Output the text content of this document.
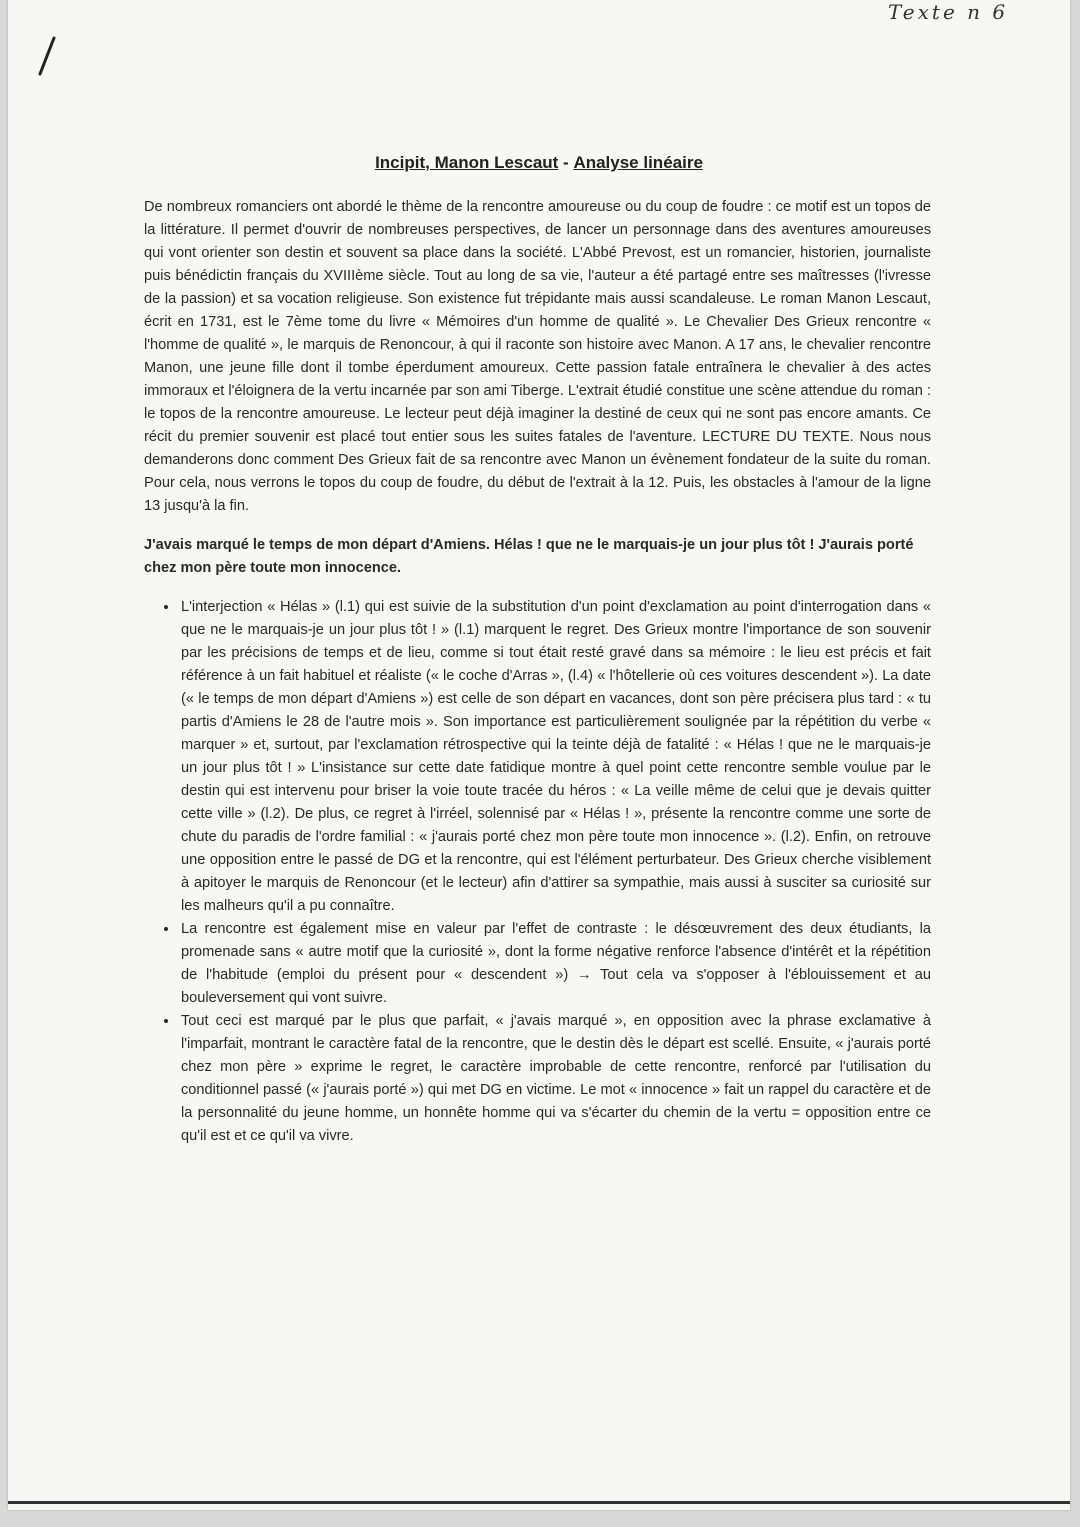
Texte n 6
Incipit, Manon Lescaut - Analyse linéaire

De nombreux romanciers ont abordé le thème de la rencontre amoureuse ou du coup de foudre : ce motif est un topos de la littérature. Il permet d'ouvrir de nombreuses perspectives, de lancer un personnage dans des aventures amoureuses qui vont orienter son destin et souvent sa place dans la société. L'Abbé Prevost, est un romancier, historien, journaliste puis bénédictin français du XVIIIème siècle. Tout au long de sa vie, l'auteur a été partagé entre ses maîtresses (l'ivresse de la passion) et sa vocation religieuse. Son existence fut trépidante mais aussi scandaleuse. Le roman Manon Lescaut, écrit en 1731, est le 7ème tome du livre « Mémoires d'un homme de qualité ». Le Chevalier Des Grieux rencontre « l'homme de qualité », le marquis de Renoncour, à qui il raconte son histoire avec Manon. A 17 ans, le chevalier rencontre Manon, une jeune fille dont il tombe éperdument amoureux. Cette passion fatale entraînera le chevalier à des actes immoraux et l'éloignera de la vertu incarnée par son ami Tiberge. L'extrait étudié constitue une scène attendue du roman : le topos de la rencontre amoureuse. Le lecteur peut déjà imaginer la destiné de ceux qui ne sont pas encore amants. Ce récit du premier souvenir est placé tout entier sous les suites fatales de l'aventure. LECTURE DU TEXTE. Nous nous demanderons donc comment Des Grieux fait de sa rencontre avec Manon un évènement fondateur de la suite du roman. Pour cela, nous verrons le topos du coup de foudre, du début de l'extrait à la 12. Puis, les obstacles à l'amour de la ligne 13 jusqu'à la fin.

J'avais marqué le temps de mon départ d'Amiens. Hélas ! que ne le marquais-je un jour plus tôt ! J'aurais porté chez mon père toute mon innocence.

• L'interjection « Hélas » (l.1) qui est suivie de la substitution d'un point d'exclamation au point d'interrogation dans « que ne le marquais-je un jour plus tôt ! » (l.1) marquent le regret. Des Grieux montre l'importance de son souvenir par les précisions de temps et de lieu, comme si tout était resté gravé dans sa mémoire : le lieu est précis et fait référence à un fait habituel et réaliste (« le coche d'Arras », (l.4) « l'hôtellerie où ces voitures descendent »). La date (« le temps de mon départ d'Amiens ») est celle de son départ en vacances, dont son père précisera plus tard : « tu partis d'Amiens le 28 de l'autre mois ». Son importance est particulièrement soulignée par la répétition du verbe « marquer » et, surtout, par l'exclamation rétrospective qui la teinte déjà de fatalité : « Hélas ! que ne le marquais-je un jour plus tôt ! » L'insistance sur cette date fatidique montre à quel point cette rencontre semble voulue par le destin qui est intervenu pour briser la voie toute tracée du héros : « La veille même de celui que je devais quitter cette ville » (l.2). De plus, ce regret à l'irréel, solennisé par « Hélas ! », présente la rencontre comme une sorte de chute du paradis de l'ordre familial : « j'aurais porté chez mon père toute mon innocence ». (l.2). Enfin, on retrouve une opposition entre le passé de DG et la rencontre, qui est l'élément perturbateur. Des Grieux cherche visiblement à apitoyer le marquis de Renoncour (et le lecteur) afin d'attirer sa sympathie, mais aussi à susciter sa curiosité sur les malheurs qu'il a pu connaître.
• La rencontre est également mise en valeur par l'effet de contraste : le désœuvrement des deux étudiants, la promenade sans « autre motif que la curiosité », dont la forme négative renforce l'absence d'intérêt et la répétition de l'habitude (emploi du présent pour « descendent ») → Tout cela va s'opposer à l'éblouissement et au bouleversement qui vont suivre.
• Tout ceci est marqué par le plus que parfait, « j'avais marqué », en opposition avec la phrase exclamative à l'imparfait, montrant le caractère fatal de la rencontre, que le destin dès le départ est scellé. Ensuite, « j'aurais porté chez mon père » exprime le regret, le caractère improbable de cette rencontre, renforcé par l'utilisation du conditionnel passé (« j'aurais porté ») qui met DG en victime. Le mot « innocence » fait un rappel du caractère et de la personnalité du jeune homme, un honnête homme qui va s'écarter du chemin de la vertu = opposition entre ce qu'il est et ce qu'il va vivre.
